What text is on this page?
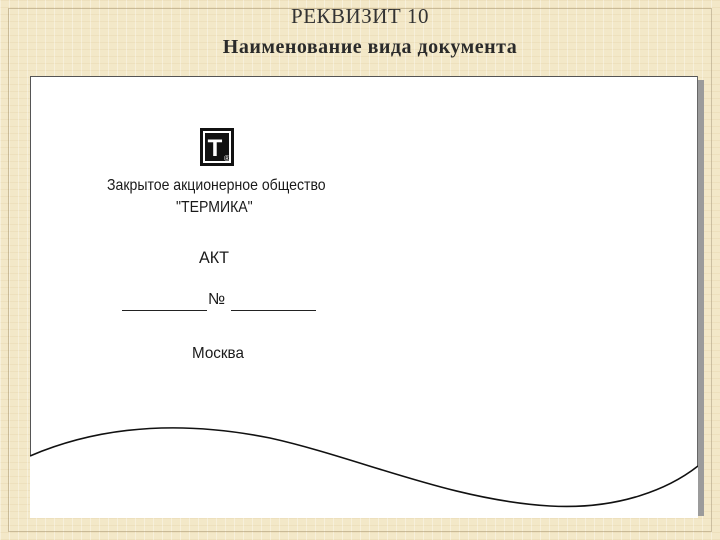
РЕКВИЗИТ 10
Наименование вида документа
T ®
Закрытое акционерное общество
"ТЕРМИКА"
АКТ
№
Москва
